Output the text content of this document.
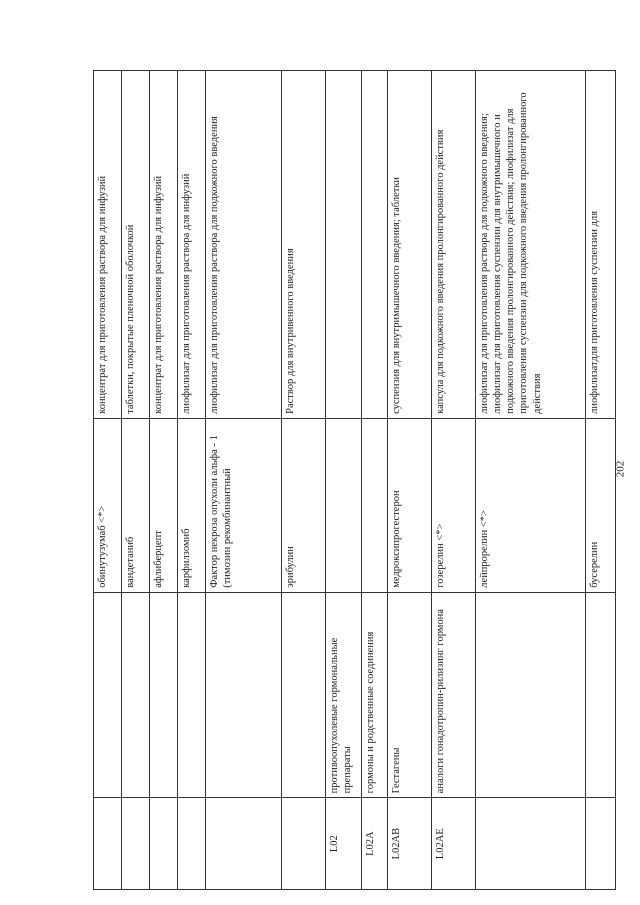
		обинутузумаб <*>	концентрат для приготовления раствора для инфузий
		вандетаниб	таблетки, покрытые пленочной оболочкой
		афлиберцепт	концентрат для приготовления раствора для инфузий
		карфилзомиб	лиофилизат для приготовления раствора для инфузий
		Фактор некроза опухоли альфа - 1 (тимозин рекомбинантный	лиофилизат для приготовления раствора для подкожного введения
		эрибулин	Раствор для внутривенного введения
L02	противоопухолевые гормональные препараты		
L02A	гормоны и родственные соединения		
L02AB	Гестагены	медроксипрогестерон	суспензия для внутримышечного введения; таблетки
L02AE	аналоги гонадотропин-рилизинг гормона	гозерелин <*>	капсула для подкожного введения пролонгированного действия
		лейпрорелин <*>	лиофилизат для приготовления раствора для подкожного введения; лиофилизат для приготовления суспензии для внутримышечного и подкожного введения пролонгированного действия; лиофилизат для приготовления суспензии для подкожного введения пролонгированного действия
		бусерелин	лиофилизатдля приготовления суспензии для
202
